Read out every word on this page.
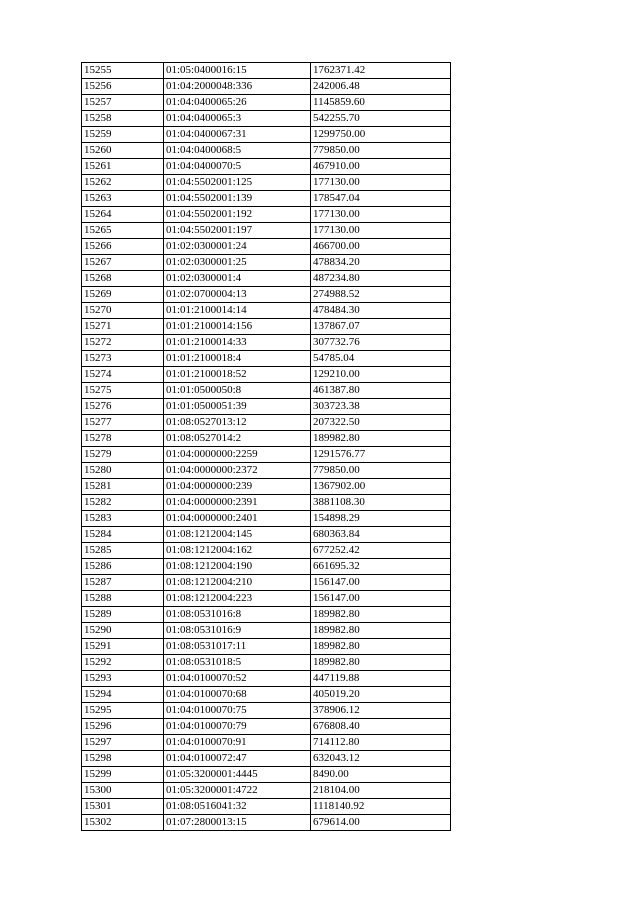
15255	01:05:0400016:15	1762371.42
15256	01:04:2000048:336	242006.48
15257	01:04:0400065:26	1145859.60
15258	01:04:0400065:3	542255.70
15259	01:04:0400067:31	1299750.00
15260	01:04:0400068:5	779850.00
15261	01:04:0400070:5	467910.00
15262	01:04:5502001:125	177130.00
15263	01:04:5502001:139	178547.04
15264	01:04:5502001:192	177130.00
15265	01:04:5502001:197	177130.00
15266	01:02:0300001:24	466700.00
15267	01:02:0300001:25	478834.20
15268	01:02:0300001:4	487234.80
15269	01:02:0700004:13	274988.52
15270	01:01:2100014:14	478484.30
15271	01:01:2100014:156	137867.07
15272	01:01:2100014:33	307732.76
15273	01:01:2100018:4	54785.04
15274	01:01:2100018:52	129210.00
15275	01:01:0500050:8	461387.80
15276	01:01:0500051:39	303723.38
15277	01:08:0527013:12	207322.50
15278	01:08:0527014:2	189982.80
15279	01:04:0000000:2259	1291576.77
15280	01:04:0000000:2372	779850.00
15281	01:04:0000000:239	1367902.00
15282	01:04:0000000:2391	3881108.30
15283	01:04:0000000:2401	154898.29
15284	01:08:1212004:145	680363.84
15285	01:08:1212004:162	677252.42
15286	01:08:1212004:190	661695.32
15287	01:08:1212004:210	156147.00
15288	01:08:1212004:223	156147.00
15289	01:08:0531016:8	189982.80
15290	01:08:0531016:9	189982.80
15291	01:08:0531017:11	189982.80
15292	01:08:0531018:5	189982.80
15293	01:04:0100070:52	447119.88
15294	01:04:0100070:68	405019.20
15295	01:04:0100070:75	378906.12
15296	01:04:0100070:79	676808.40
15297	01:04:0100070:91	714112.80
15298	01:04:0100072:47	632043.12
15299	01:05:3200001:4445	8490.00
15300	01:05:3200001:4722	218104.00
15301	01:08:0516041:32	1118140.92
15302	01:07:2800013:15	679614.00
